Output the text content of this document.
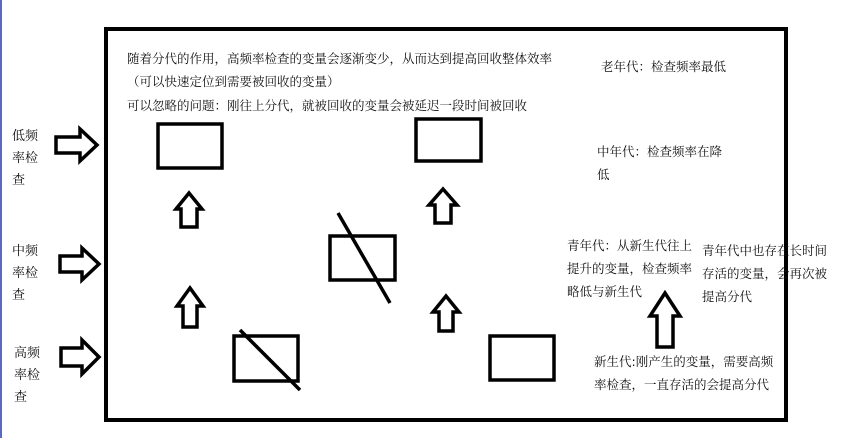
低频率检查
中频率检查
高频率检查
随着分代的作用，高频率检查的变量会逐渐变少，从而达到提高回收整体效率（可以快速定位到需要被回收的变量）
可以忽略的问题：刚往上分代，就被回收的变量会被延迟一段时间被回收
老年代：检查频率最低
中年代：检查频率在降低
青年代：从新生代往上提升的变量，检查频率略低与新生代
青年代中也存在长时间存活的变量，会再次被提高分代
新生代:刚产生的变量，需要高频率检查，一直存活的会提高分代
